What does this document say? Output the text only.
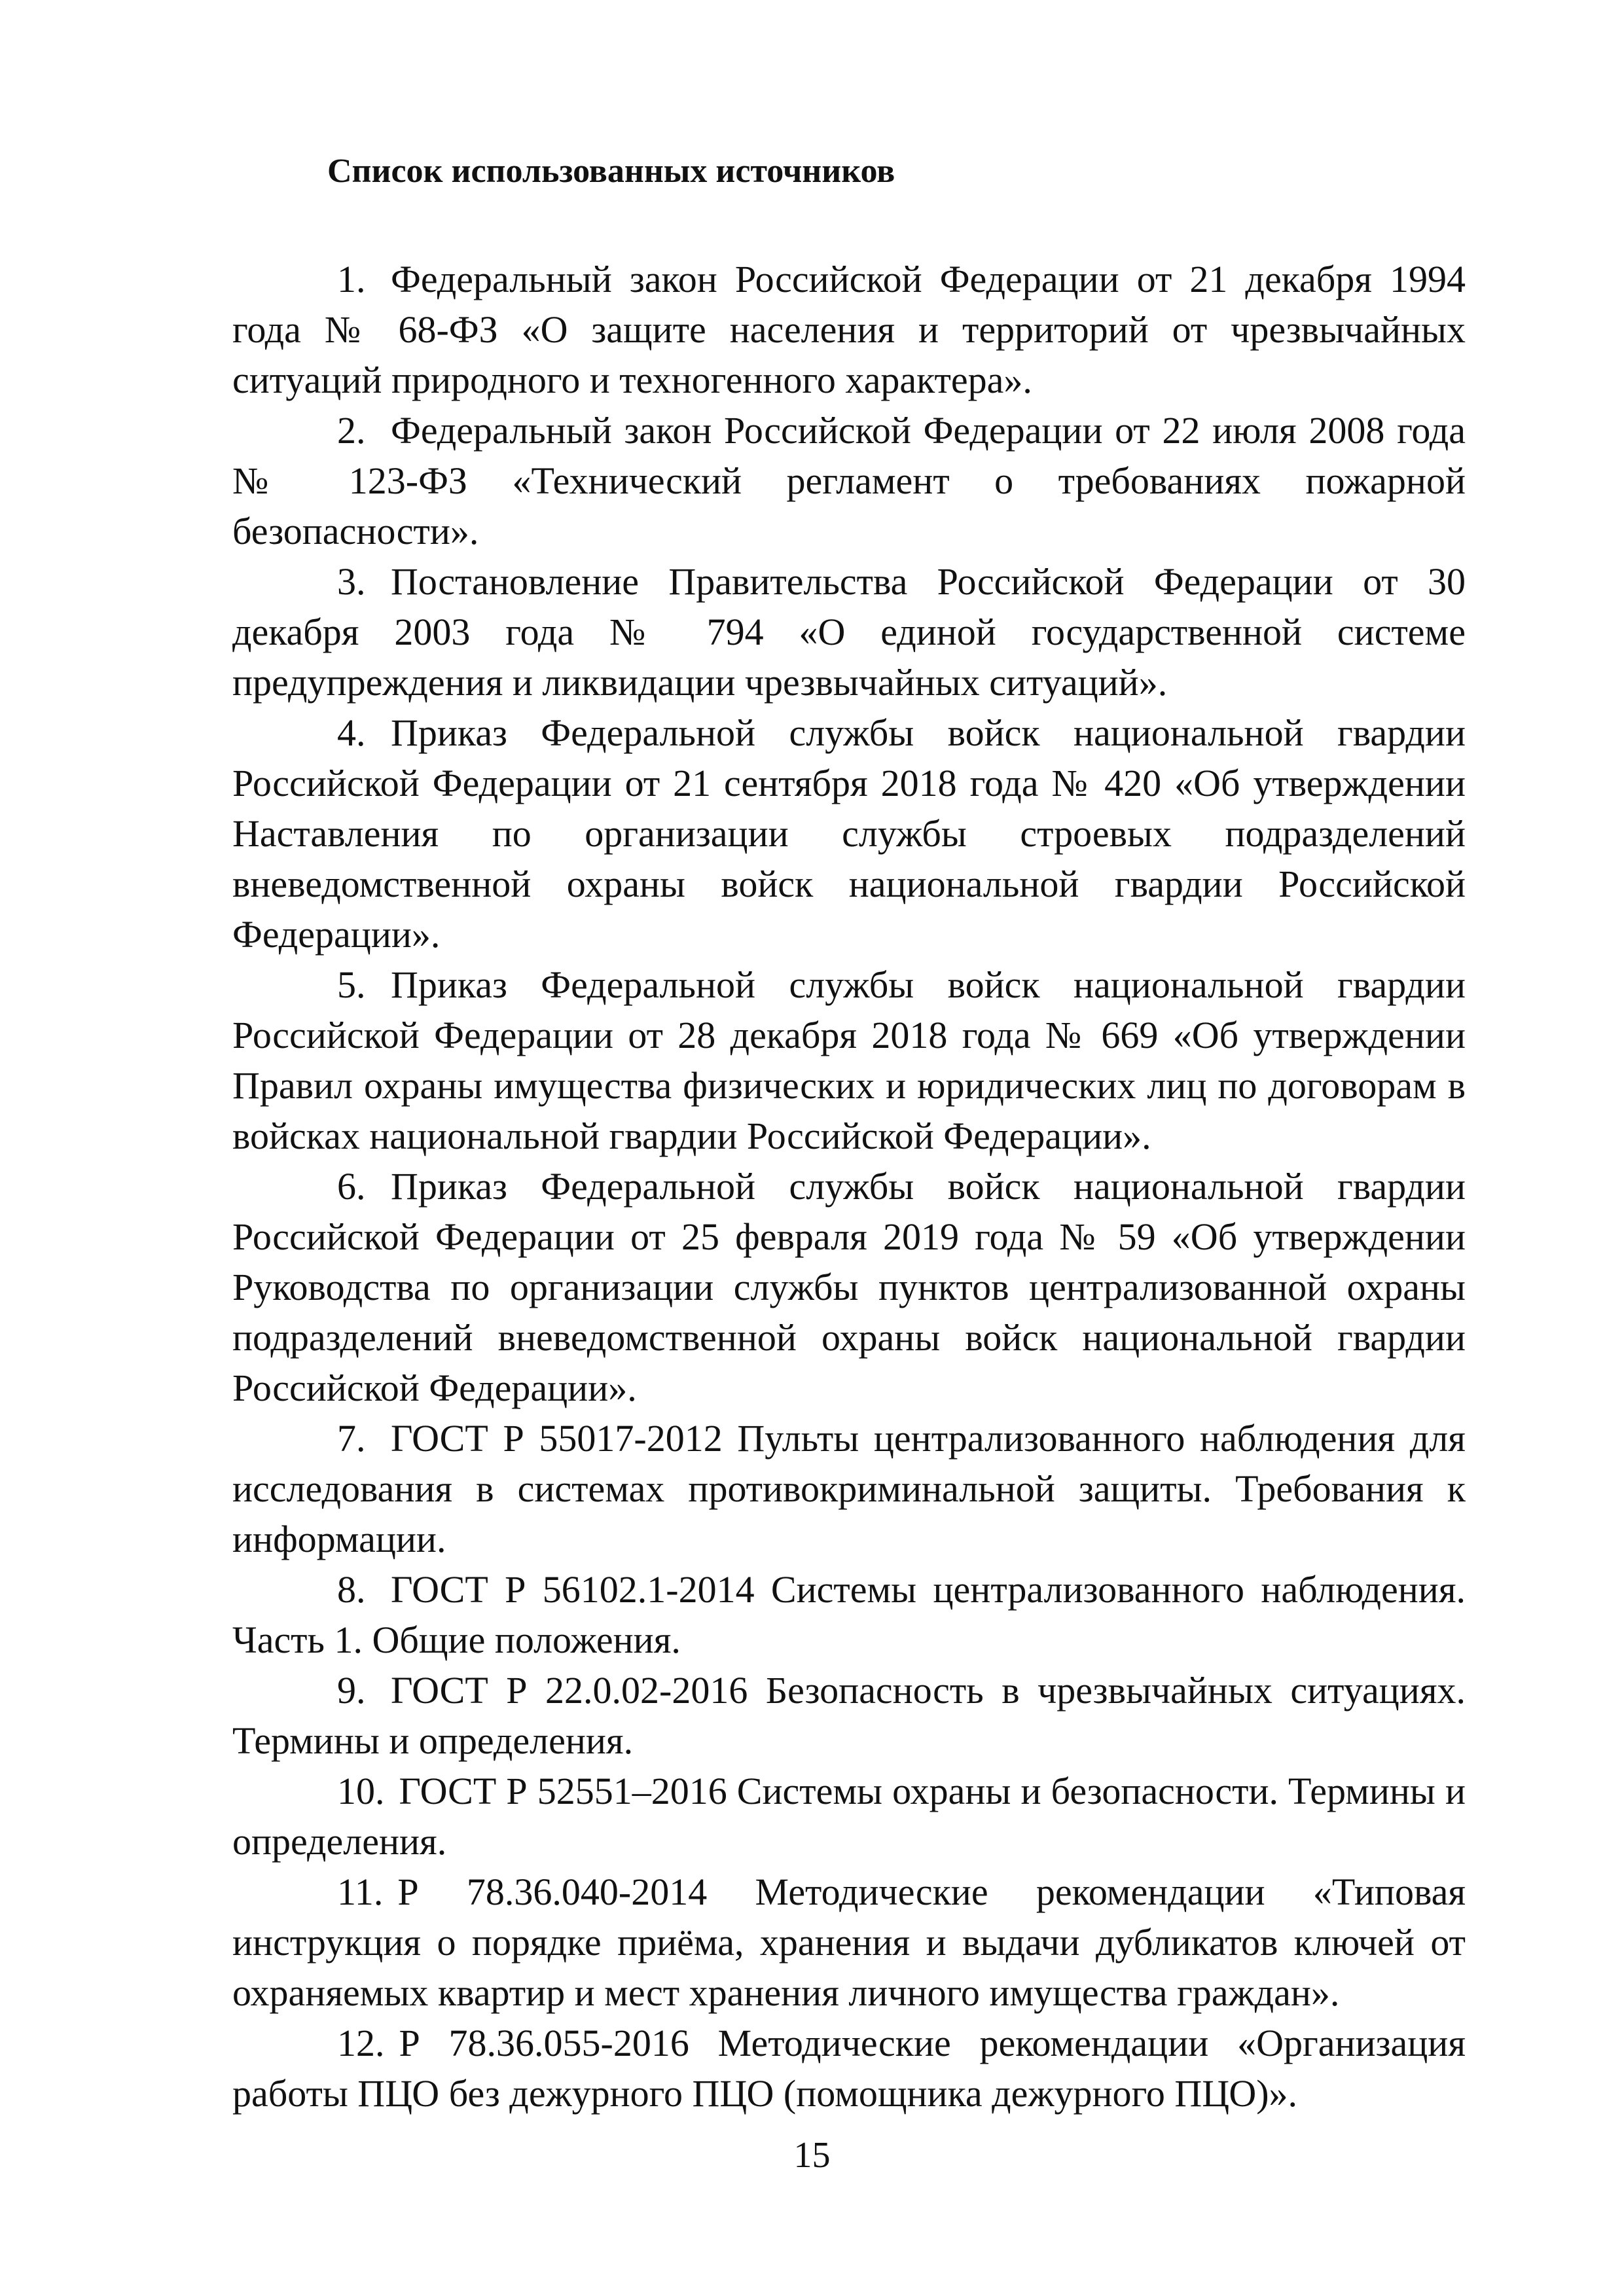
Список использованных источников
1. Федеральный закон Российской Федерации от 21 декабря 1994 года № 68-ФЗ «О защите населения и территорий от чрезвычайных ситуаций природного и техногенного характера».
2. Федеральный закон Российской Федерации от 22 июля 2008 года № 123-ФЗ «Технический регламент о требованиях пожарной безопасности».
3. Постановление Правительства Российской Федерации от 30 декабря 2003 года № 794 «О единой государственной системе предупреждения и ликвидации чрезвычайных ситуаций».
4. Приказ Федеральной службы войск национальной гвардии Российской Федерации от 21 сентября 2018 года № 420 «Об утверждении Наставления по организации службы строевых подразделений вневедомственной охраны войск национальной гвардии Российской Федерации».
5. Приказ Федеральной службы войск национальной гвардии Российской Федерации от 28 декабря 2018 года № 669 «Об утверждении Правил охраны имущества физических и юридических лиц по договорам в войсках национальной гвардии Российской Федерации».
6. Приказ Федеральной службы войск национальной гвардии Российской Федерации от 25 февраля 2019 года № 59 «Об утверждении Руководства по организации службы пунктов централизованной охраны подразделений вневедомственной охраны войск национальной гвардии Российской Федерации».
7. ГОСТ Р 55017-2012 Пульты централизованного наблюдения для исследования в системах противокриминальной защиты. Требования к информации.
8. ГОСТ Р 56102.1-2014 Системы централизованного наблюдения. Часть 1. Общие положения.
9. ГОСТ Р 22.0.02-2016 Безопасность в чрезвычайных ситуациях. Термины и определения.
10. ГОСТ Р 52551–2016 Системы охраны и безопасности. Термины и определения.
11. Р 78.36.040-2014 Методические рекомендации «Типовая инструкция о порядке приёма, хранения и выдачи дубликатов ключей от охраняемых квартир и мест хранения личного имущества граждан».
12. Р 78.36.055-2016 Методические рекомендации «Организация работы ПЦО без дежурного ПЦО (помощника дежурного ПЦО)».

15
